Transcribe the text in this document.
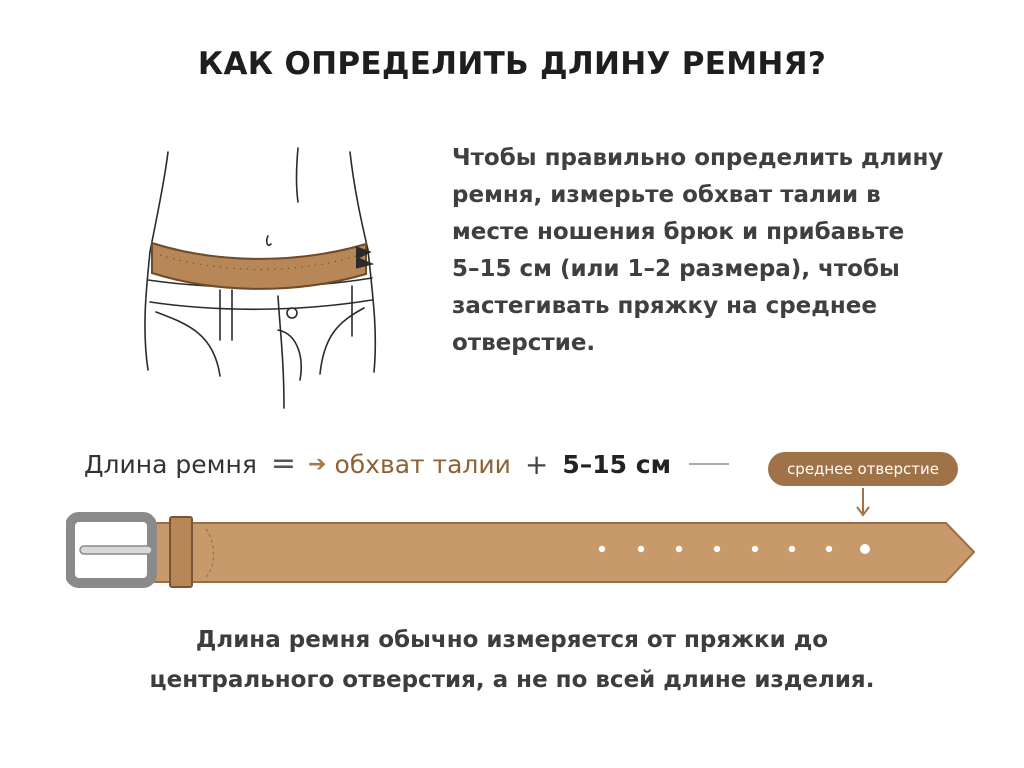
КАК ОПРЕДЕЛИТЬ ДЛИНУ РЕМНЯ?
Чтобы правильно определить длину
ремня, измерьте обхват талии в
месте ношения брюк и прибавьте
5–15 см (или 1–2 размера), чтобы
застегивать пряжку на среднее
отверстие.
Длина ремня = ➔ обхват талии + 5–15 см	среднее отверстие
Длина ремня обычно измеряется от пряжки до
центрального отверстия, а не по всей длине изделия.
